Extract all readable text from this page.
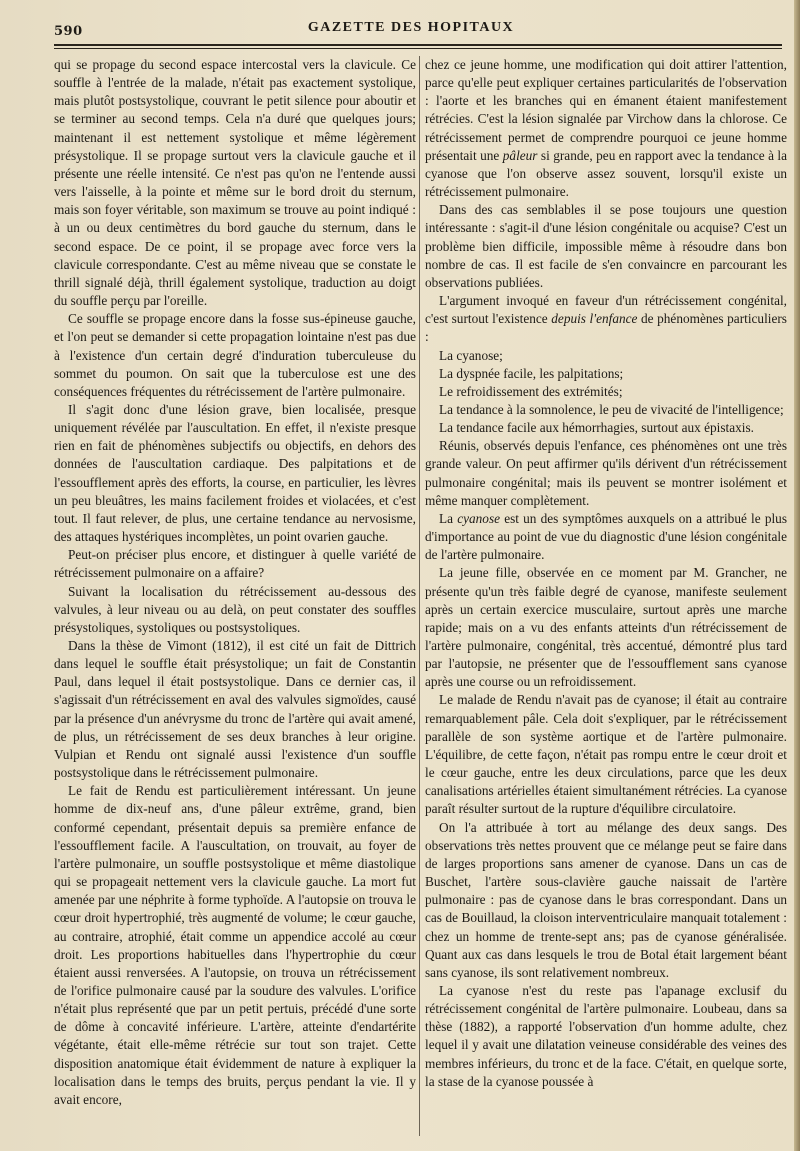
590	GAZETTE DES HOPITAUX

qui se propage du second espace intercostal vers la clavicule. Ce souffle à l'entrée de la malade, n'était pas exactement systolique, mais plutôt postsystolique, couvrant le petit silence pour aboutir et se terminer au second temps. Cela n'a duré que quelques jours; maintenant il est nettement systolique et même légèrement présystolique. Il se propage surtout vers la clavicule gauche et il présente une réelle intensité. Ce n'est pas qu'on ne l'entende aussi vers l'aisselle, à la pointe et même sur le bord droit du sternum, mais son foyer véritable, son maximum se trouve au point indiqué : à un ou deux centimètres du bord gauche du sternum, dans le second espace. De ce point, il se propage avec force vers la clavicule correspondante. C'est au même niveau que se constate le thrill signalé déjà, thrill également systolique, traduction au doigt du souffle perçu par l'oreille.

Ce souffle se propage encore dans la fosse sus-épineuse gauche, et l'on peut se demander si cette propagation lointaine n'est pas due à l'existence d'un certain degré d'induration tuberculeuse du sommet du poumon. On sait que la tuberculose est une des conséquences fréquentes du rétrécissement de l'artère pulmonaire.

Il s'agit donc d'une lésion grave, bien localisée, presque uniquement révélée par l'auscultation. En effet, il n'existe presque rien en fait de phénomènes subjectifs ou objectifs, en dehors des données de l'auscultation cardiaque. Des palpitations et de l'essoufflement après des efforts, la course, en particulier, les lèvres un peu bleuâtres, les mains facilement froides et violacées, et c'est tout. Il faut relever, de plus, une certaine tendance au nervosisme, des attaques hystériques incomplètes, un point ovarien gauche.

Peut-on préciser plus encore, et distinguer à quelle variété de rétrécissement pulmonaire on a affaire?

Suivant la localisation du rétrécissement au-dessous des valvules, à leur niveau ou au delà, on peut constater des souffles présystoliques, systoliques ou postsystoliques.

Dans la thèse de Vimont (1812), il est cité un fait de Dittrich dans lequel le souffle était présystolique; un fait de Constantin Paul, dans lequel il était postsystolique. Dans ce dernier cas, il s'agissait d'un rétrécissement en aval des valvules sigmoïdes, causé par la présence d'un anévrysme du tronc de l'artère qui avait amené, de plus, un rétrécissement de ses deux branches à leur origine. Vulpian et Rendu ont signalé aussi l'existence d'un souffle postsystolique dans le rétrécissement pulmonaire.

Le fait de Rendu est particulièrement intéressant. Un jeune homme de dix-neuf ans, d'une pâleur extrême, grand, bien conformé cependant, présentait depuis sa première enfance de l'essoufflement facile. A l'auscultation, on trouvait, au foyer de l'artère pulmonaire, un souffle postsystolique et même diastolique qui se propageait nettement vers la clavicule gauche. La mort fut amenée par une néphrite à forme typhoïde. A l'autopsie on trouva le cœur droit hypertrophié, très augmenté de volume; le cœur gauche, au contraire, atrophié, était comme un appendice accolé au cœur droit. Les proportions habituelles dans l'hypertrophie du cœur étaient aussi renversées. A l'autopsie, on trouva un rétrécissement de l'orifice pulmonaire causé par la soudure des valvules. L'orifice n'était plus représenté que par un petit pertuis, précédé d'une sorte de dôme à concavité inférieure. L'artère, atteinte d'endartérite végétante, était elle-même rétrécie sur tout son trajet. Cette disposition anatomique était évidemment de nature à expliquer la localisation dans le temps des bruits, perçus pendant la vie. Il y avait encore,

chez ce jeune homme, une modification qui doit attirer l'attention, parce qu'elle peut expliquer certaines particularités de l'observation : l'aorte et les branches qui en émanent étaient manifestement rétrécies. C'est la lésion signalée par Virchow dans la chlorose. Ce rétrécissement permet de comprendre pourquoi ce jeune homme présentait une pâleur si grande, peu en rapport avec la tendance à la cyanose que l'on observe assez souvent, lorsqu'il existe un rétrécissement pulmonaire.

Dans des cas semblables il se pose toujours une question intéressante : s'agit-il d'une lésion congénitale ou acquise? C'est un problème bien difficile, impossible même à résoudre dans bon nombre de cas. Il est facile de s'en convaincre en parcourant les observations publiées.

L'argument invoqué en faveur d'un rétrécissement congénital, c'est surtout l'existence depuis l'enfance de phénomènes particuliers :

La cyanose;

La dyspnée facile, les palpitations;

Le refroidissement des extrémités;

La tendance à la somnolence, le peu de vivacité de l'intelligence;

La tendance facile aux hémorrhagies, surtout aux épistaxis.

Réunis, observés depuis l'enfance, ces phénomènes ont une très grande valeur. On peut affirmer qu'ils dérivent d'un rétrécissement pulmonaire congénital; mais ils peuvent se montrer isolément et même manquer complètement.

La cyanose est un des symptômes auxquels on a attribué le plus d'importance au point de vue du diagnostic d'une lésion congénitale de l'artère pulmonaire.

La jeune fille, observée en ce moment par M. Grancher, ne présente qu'un très faible degré de cyanose, manifeste seulement après un certain exercice musculaire, surtout après une marche rapide; mais on a vu des enfants atteints d'un rétrécissement de l'artère pulmonaire, congénital, très accentué, démontré plus tard par l'autopsie, ne présenter que de l'essoufflement sans cyanose après une course ou un refroidissement.

Le malade de Rendu n'avait pas de cyanose; il était au contraire remarquablement pâle. Cela doit s'expliquer, par le rétrécissement parallèle de son système aortique et de l'artère pulmonaire. L'équilibre, de cette façon, n'était pas rompu entre le cœur droit et le cœur gauche, entre les deux circulations, parce que les deux canalisations artérielles étaient simultanément rétrécies. La cyanose paraît résulter surtout de la rupture d'équilibre circulatoire.

On l'a attribuée à tort au mélange des deux sangs. Des observations très nettes prouvent que ce mélange peut se faire dans de larges proportions sans amener de cyanose. Dans un cas de Buschet, l'artère sous-clavière gauche naissait de l'artère pulmonaire : pas de cyanose dans le bras correspondant. Dans un cas de Bouillaud, la cloison interventriculaire manquait totalement : chez un homme de trente-sept ans; pas de cyanose généralisée. Quant aux cas dans lesquels le trou de Botal était largement béant sans cyanose, ils sont relativement nombreux.

La cyanose n'est du reste pas l'apanage exclusif du rétrécissement congénital de l'artère pulmonaire. Loubeau, dans sa thèse (1882), a rapporté l'observation d'un homme adulte, chez lequel il y avait une dilatation veineuse considérable des veines des membres inférieurs, du tronc et de la face. C'était, en quelque sorte, la stase de la cyanose poussée à
